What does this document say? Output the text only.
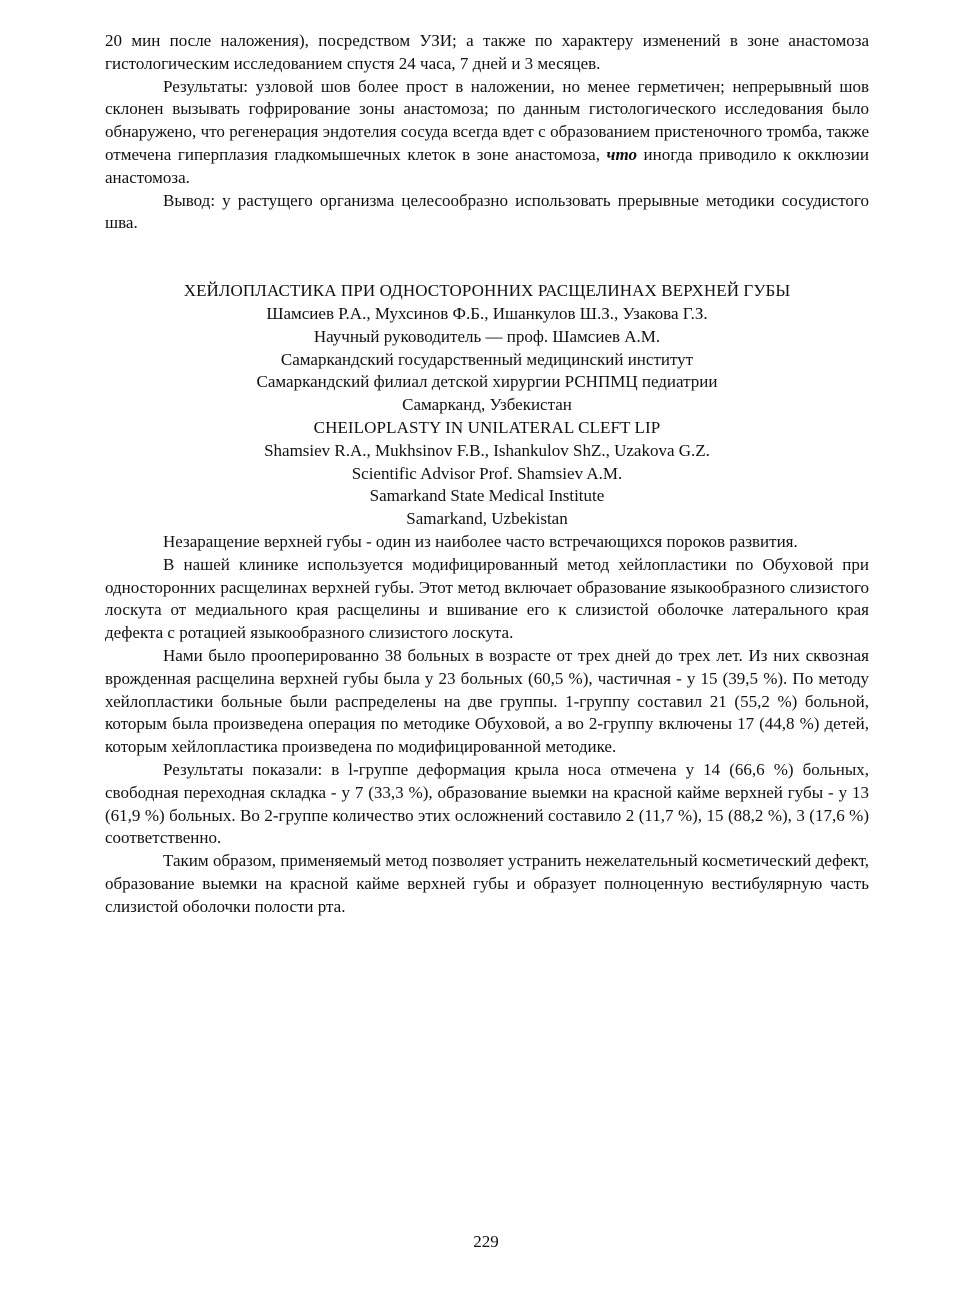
20 мин после наложения), посредством УЗИ; а также по характеру изменений в зоне анастомоза гистологическим исследованием спустя 24 часа, 7 дней и 3 месяцев.

Результаты: узловой шов более прост в наложении, но менее герметичен; непрерывный шов склонен вызывать гофрирование зоны анастомоза; по данным гистологического исследования было обнаружено, что регенерация эндотелия сосуда всегда вдет с образованием пристеночного тромба, также отмечена гиперплазия гладкомышечных клеток в зоне анастомоза, что иногда приводило к окклюзии анастомоза.

Вывод: у растущего организма целесообразно использовать прерывные методики сосудистого шва.

ХЕЙЛОПЛАСТИКА ПРИ ОДНОСТОРОННИХ РАСЩЕЛИНАХ ВЕРХНЕЙ ГУБЫ
Шамсиев Р.А., Мухсинов Ф.Б., Ишанкулов Ш.З., Узакова Г.З.
Научный руководитель — проф. Шамсиев А.М.
Самаркандский государственный медицинский институт
Самаркандский филиал детской хирургии РСНПМЦ педиатрии
Самарканд, Узбекистан
CHEILOPLASTY IN UNILATERAL CLEFT LIP
Shamsiev R.A., Mukhsinov F.B., Ishankulov ShZ., Uzakova G.Z.
Scientific Advisor Prof. Shamsiev A.M.
Samarkand State Medical Institute
Samarkand, Uzbekistan

Незаращение верхней губы - один из наиболее часто встречающихся пороков развития.

В нашей клинике используется модифицированный метод хейлопластики по Обуховой при односторонних расщелинах верхней губы. Этот метод включает образование языкообразного слизистого лоскута от медиального края расщелины и вшивание его к слизистой оболочке латерального края дефекта с ротацией языкообразного слизистого лоскута.

Нами было прооперированно 38 больных в возрасте от трех дней до трех лет. Из них сквозная врожденная расщелина верхней губы была у 23 больных (60,5 %), частичная - у 15 (39,5 %). По методу хейлопластики больные были распределены на две группы. 1-группу составил 21 (55,2 %) больной, которым была произведена операция по методике Обуховой, а во 2-группу включены 17 (44,8 %) детей, которым хейлопластика произведена по модифицированной методике.

Результаты показали: в l-группе деформация крыла носа отмечена у 14 (66,6 %) больных, свободная переходная складка - у 7 (33,3 %), образование выемки на красной кайме верхней губы - у 13 (61,9 %) больных. Во 2-группе количество этих осложнений составило 2 (11,7 %), 15 (88,2 %), 3 (17,6 %) соответственно.

Таким образом, применяемый метод позволяет устранить нежелательный косметический дефект, образование выемки на красной кайме верхней губы и образует полноценную вестибулярную часть слизистой оболочки полости рта.

229
